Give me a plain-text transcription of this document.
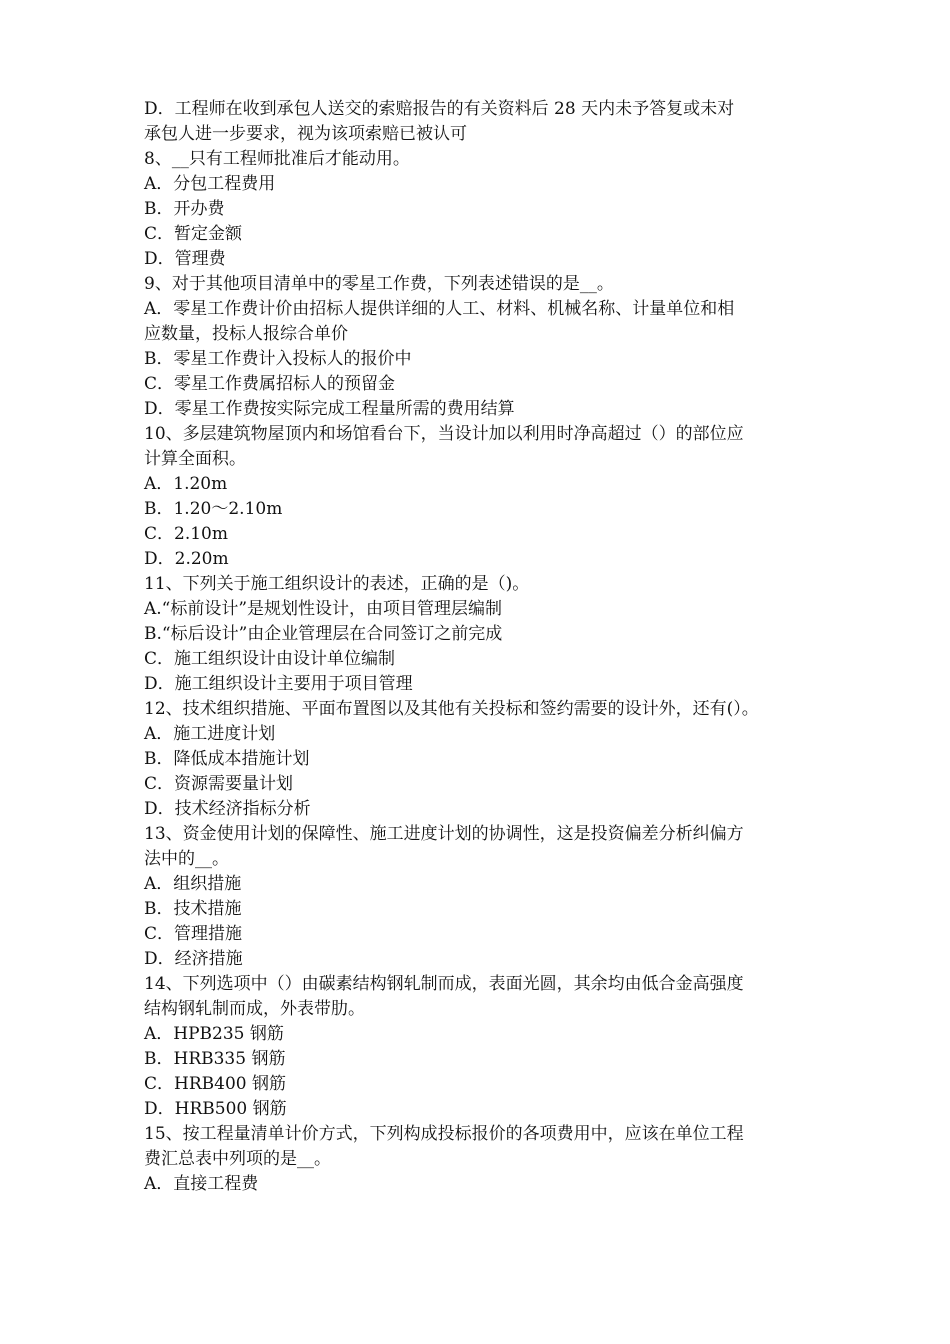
D．工程师在收到承包人送交的索赔报告的有关资料后 28 天内未予答复或未对
承包人进一步要求，视为该项索赔已被认可
8、__只有工程师批准后才能动用。
A．分包工程费用
B．开办费
C．暂定金额
D．管理费
9、对于其他项目清单中的零星工作费，下列表述错误的是__。
A．零星工作费计价由招标人提供详细的人工、材料、机械名称、计量单位和相
应数量，投标人报综合单价
B．零星工作费计入投标人的报价中
C．零星工作费属招标人的预留金
D．零星工作费按实际完成工程量所需的费用结算
10、多层建筑物屋顶内和场馆看台下，当设计加以利用时净高超过（）的部位应
计算全面积。
A．1.20m
B．1.20～2.10m
C．2.10m
D．2.20m
11、下列关于施工组织设计的表述，正确的是（)。
A.“标前设计”是规划性设计，由项目管理层编制
B.“标后设计”由企业管理层在合同签订之前完成
C．施工组织设计由设计单位编制
D．施工组织设计主要用于项目管理
12、技术组织措施、平面布置图以及其他有关投标和签约需要的设计外，还有(）。
A．施工进度计划
B．降低成本措施计划
C．资源需要量计划
D．技术经济指标分析
13、资金使用计划的保障性、施工进度计划的协调性，这是投资偏差分析纠偏方
法中的__。
A．组织措施
B．技术措施
C．管理措施
D．经济措施
14、下列选项中（）由碳素结构钢轧制而成，表面光圆，其余均由低合金高强度
结构钢轧制而成，外表带肋。
A．HPB235 钢筋
B．HRB335 钢筋
C．HRB400 钢筋
D．HRB500 钢筋
15、按工程量清单计价方式，下列构成投标报价的各项费用中，应该在单位工程
费汇总表中列项的是__。
A．直接工程费
